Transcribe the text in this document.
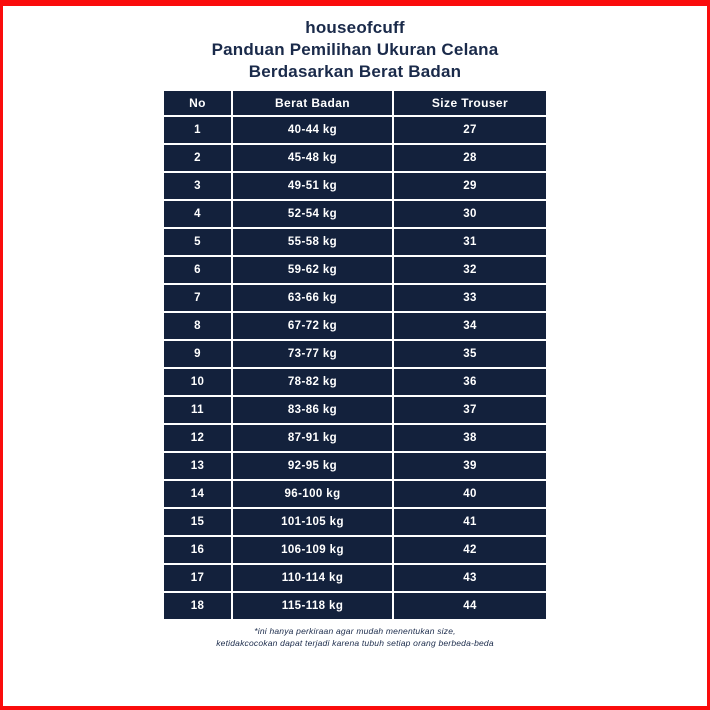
houseofcuff
Panduan Pemilihan Ukuran Celana
Berdasarkan Berat Badan
No	Berat Badan	Size Trouser
1	40-44 kg	27
2	45-48 kg	28
3	49-51 kg	29
4	52-54 kg	30
5	55-58 kg	31
6	59-62 kg	32
7	63-66 kg	33
8	67-72 kg	34
9	73-77 kg	35
10	78-82 kg	36
11	83-86 kg	37
12	87-91 kg	38
13	92-95 kg	39
14	96-100 kg	40
15	101-105 kg	41
16	106-109 kg	42
17	110-114 kg	43
18	115-118 kg	44
*ini hanya perkiraan agar mudah menentukan size,
ketidakcocokan dapat terjadi karena tubuh setiap orang berbeda-beda
